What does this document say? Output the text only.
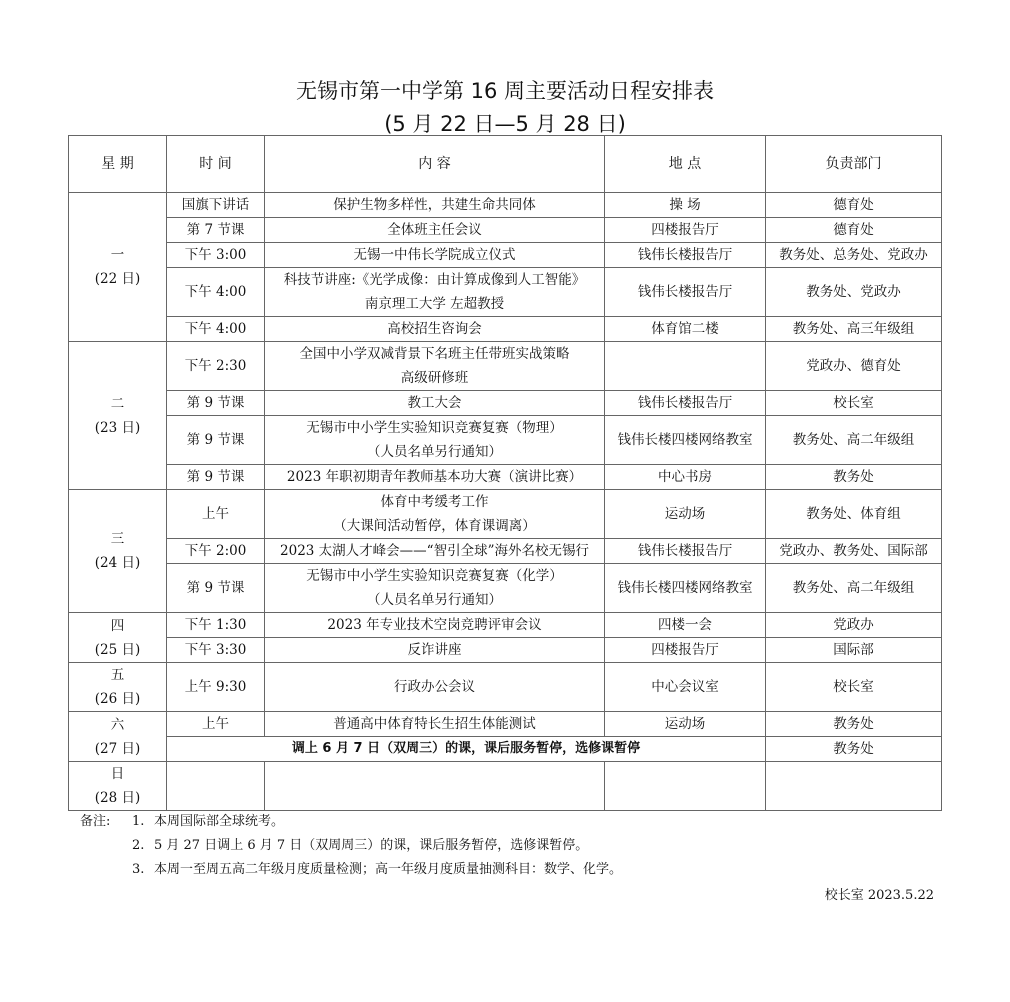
无锡市第一中学第 16 周主要活动日程安排表
(5 月 22 日—5 月 28 日)
星 期	时 间	内 容	地 点	负责部门

一
(22 日)	国旗下讲话	保护生物多样性，共建生命共同体	操 场	德育处
	第 7 节课	全体班主任会议	四楼报告厅	德育处
	下午 3:00	无锡一中伟长学院成立仪式	钱伟长楼报告厅	教务处、总务处、党政办
	下午 4:00	科技节讲座:《光学成像：由计算成像到人工智能》
南京理工大学 左超教授	钱伟长楼报告厅	教务处、党政办
	下午 4:00	高校招生咨询会	体育馆二楼	教务处、高三年级组

二
(23 日)	下午 2:30	全国中小学双减背景下名班主任带班实战策略
高级研修班		党政办、德育处
	第 9 节课	教工大会	钱伟长楼报告厅	校长室
	第 9 节课	无锡市中小学生实验知识竞赛复赛（物理）
（人员名单另行通知）	钱伟长楼四楼网络教室	教务处、高二年级组
	第 9 节课	2023 年职初期青年教师基本功大赛（演讲比赛）	中心书房	教务处

三
(24 日)	上午	体育中考缓考工作
（大课间活动暂停，体育课调离）	运动场	教务处、体育组
	下午 2:00	2023 太湖人才峰会——“智引全球”海外名校无锡行	钱伟长楼报告厅	党政办、教务处、国际部
	第 9 节课	无锡市中小学生实验知识竞赛复赛（化学）
（人员名单另行通知）	钱伟长楼四楼网络教室	教务处、高二年级组

四
(25 日)	下午 1:30	2023 年专业技术空岗竞聘评审会议	四楼一会	党政办
	下午 3:30	反诈讲座	四楼报告厅	国际部

五
(26 日)	上午 9:30	行政办公会议	中心会议室	校长室

六
(27 日)	上午	普通高中体育特长生招生体能测试	运动场	教务处
	调上 6 月 7 日（双周三）的课，课后服务暂停，选修课暂停			教务处

日
(28 日)				

备注:	1. 本周国际部全球统考。
2. 5 月 27 日调上 6 月 7 日（双周周三）的课，课后服务暂停，选修课暂停。
3. 本周一至周五高二年级月度质量检测；高一年级月度质量抽测科目：数学、化学。
校长室 2023.5.22
